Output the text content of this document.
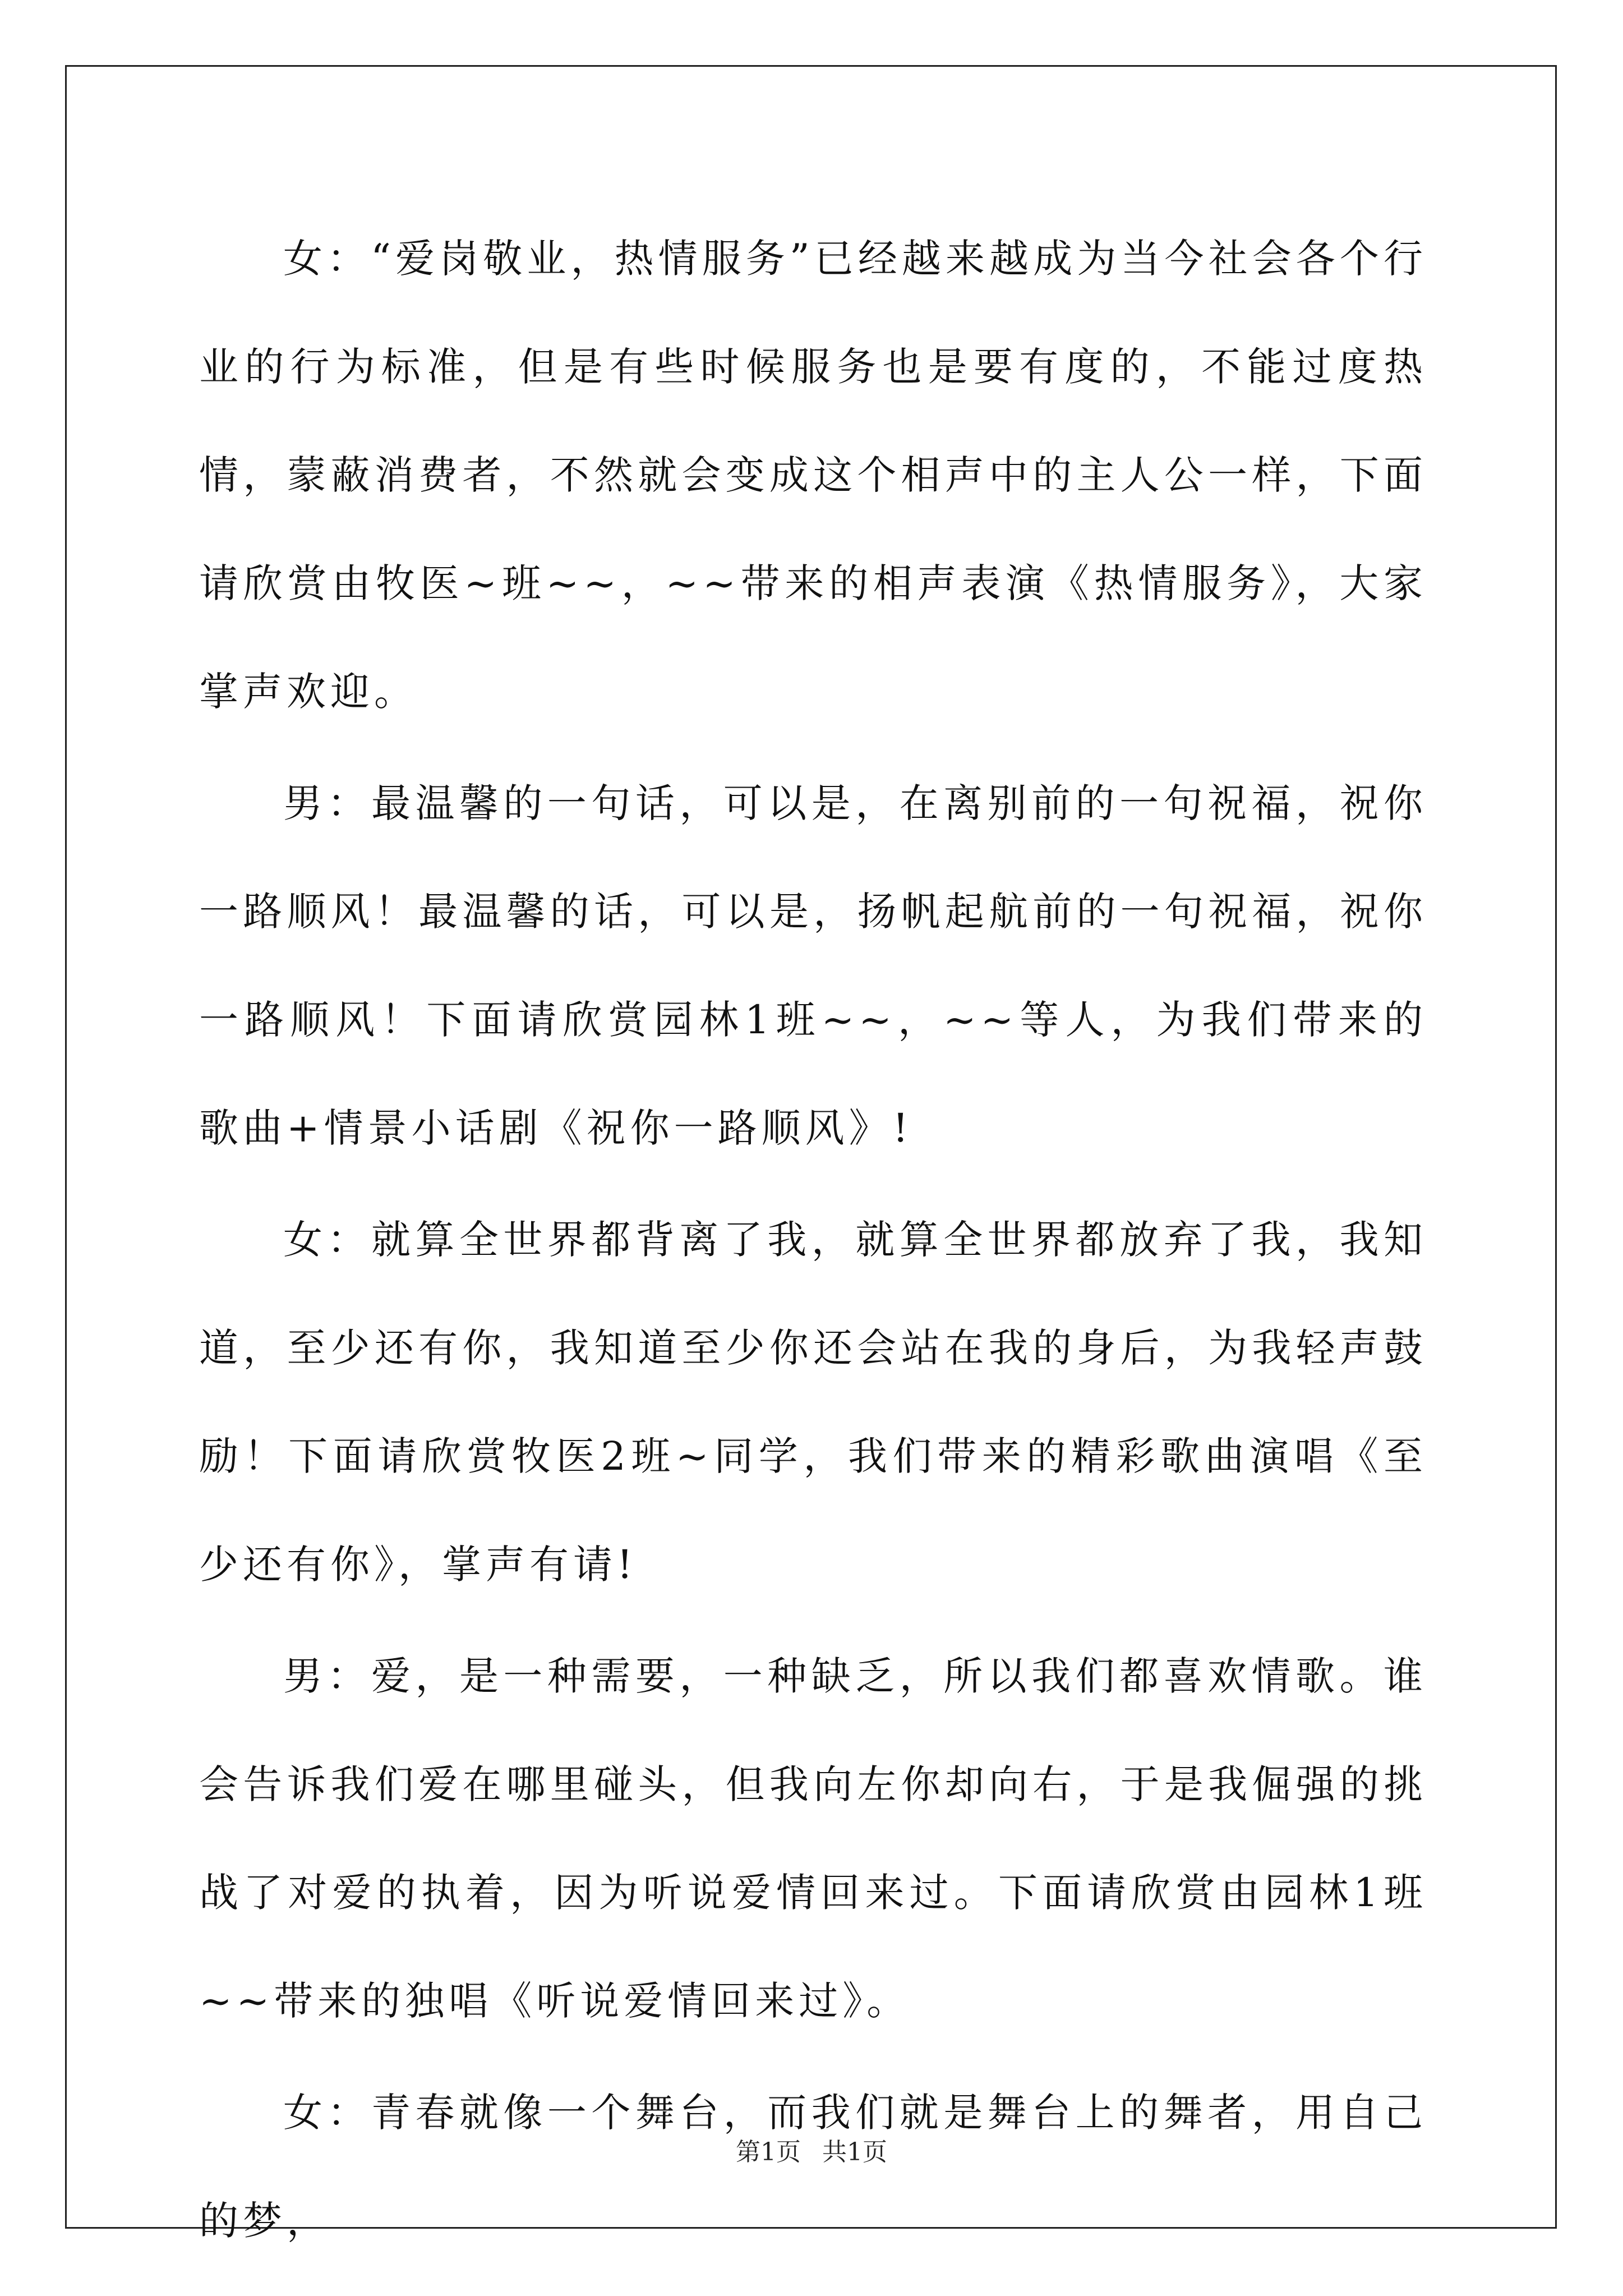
女：“爱岗敬业，热情服务”已经越来越成为当今社会各个行业的行为标准，但是有些时候服务也是要有度的，不能过度热情，蒙蔽消费者，不然就会变成这个相声中的主人公一样，下面请欣赏由牧医~班~~，~~带来的相声表演《热情服务》，大家掌声欢迎。

男：最温馨的一句话，可以是，在离别前的一句祝福，祝你一路顺风！最温馨的话，可以是，扬帆起航前的一句祝福，祝你一路顺风！下面请欣赏园林1班~~，~~等人，为我们带来的歌曲+情景小话剧《祝你一路顺风》!

女：就算全世界都背离了我，就算全世界都放弃了我，我知道，至少还有你，我知道至少你还会站在我的身后，为我轻声鼓励！下面请欣赏牧医2班~同学，我们带来的精彩歌曲演唱《至少还有你》，掌声有请!

男：爱，是一种需要，一种缺乏，所以我们都喜欢情歌。谁会告诉我们爱在哪里碰头，但我向左你却向右，于是我倔强的挑战了对爱的执着，因为听说爱情回来过。下面请欣赏由园林1班~~带来的独唱《听说爱情回来过》。

女：青春就像一个舞台，而我们就是舞台上的舞者，用自己的梦，

第1页 共1页
